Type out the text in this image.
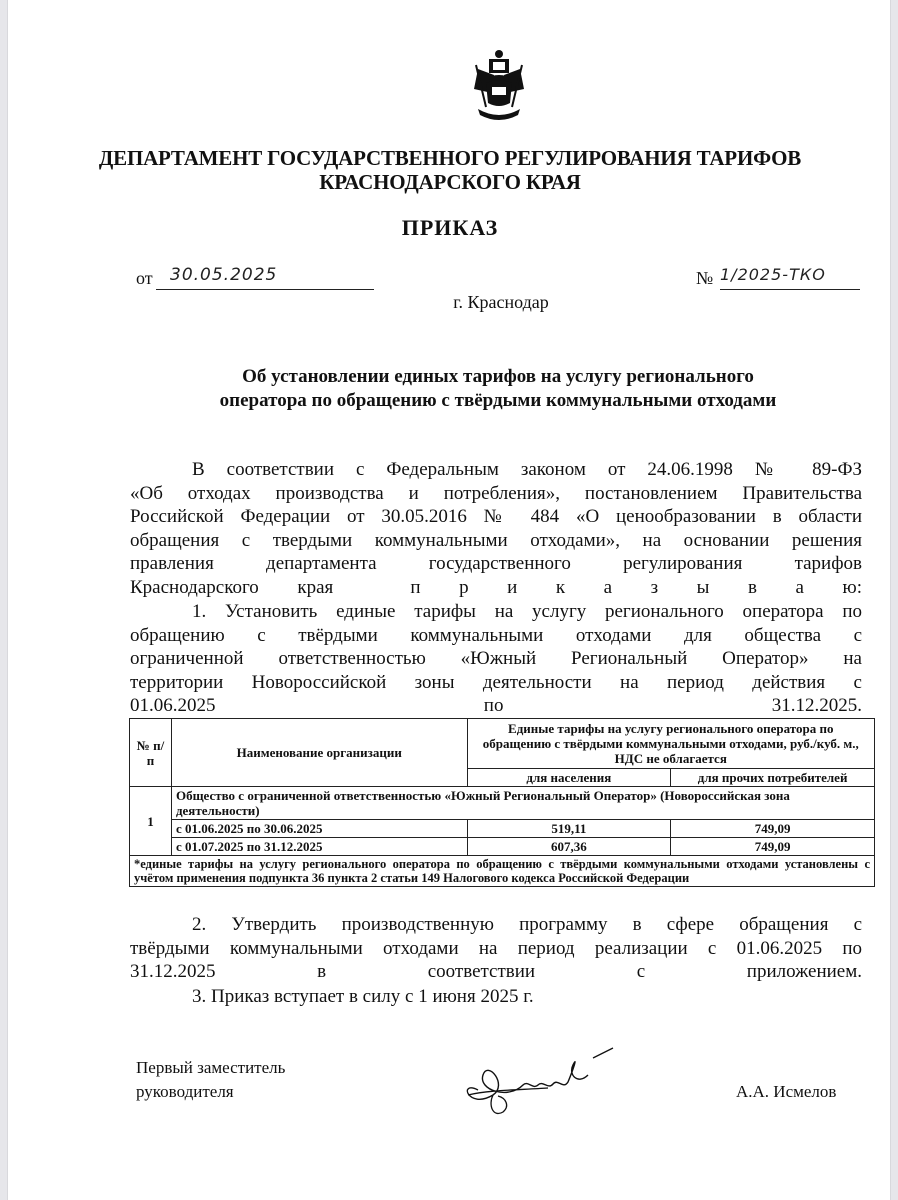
ДЕПАРТАМЕНТ ГОСУДАРСТВЕННОГО РЕГУЛИРОВАНИЯ ТАРИФОВ
КРАСНОДАРСКОГО КРАЯ
ПРИКАЗ
от 30.05.2025	№ 1/2025-ТКО
г. Краснодар
Об установлении единых тарифов на услугу регионального
оператора по обращению с твёрдыми коммунальными отходами
В соответствии с Федеральным законом от 24.06.1998 № 89-ФЗ
«Об отходах производства и потребления», постановлением Правительства
Российской Федерации от 30.05.2016 № 484 «О ценообразовании в области
обращения с твердыми коммунальными отходами», на основании решения
правления департамента государственного регулирования тарифов
Краснодарского края  п р и к а з ы в а ю:
1. Установить единые тарифы на услугу регионального оператора по
обращению с твёрдыми коммунальными отходами для общества с
ограниченной ответственностью «Южный Региональный Оператор» на
территории Новороссийской зоны деятельности на период действия с
01.06.2025 по 31.12.2025.
№ п/п	Наименование организации	Единые тарифы на услугу регионального оператора по обращению с твёрдыми коммунальными отходами, руб./куб. м., НДС не облагается	
		для населения	для прочих потребителей
1	Общество с ограниченной ответственностью «Южный Региональный Оператор» (Новороссийская зона деятельности)		
	с 01.06.2025 по 30.06.2025	519,11	749,09
	с 01.07.2025 по 31.12.2025	607,36	749,09
*единые тарифы на услугу регионального оператора по обращению с твёрдыми коммунальными отходами установлены с учётом применения подпункта 36 пункта 2 статьи 149 Налогового кодекса Российской Федерации			
2. Утвердить производственную программу в сфере обращения с
твёрдыми коммунальными отходами на период реализации с 01.06.2025 по
31.12.2025 в соответствии с приложением.
3. Приказ вступает в силу с 1 июня 2025 г.
Первый заместитель
руководителя	А.А. Исмелов
